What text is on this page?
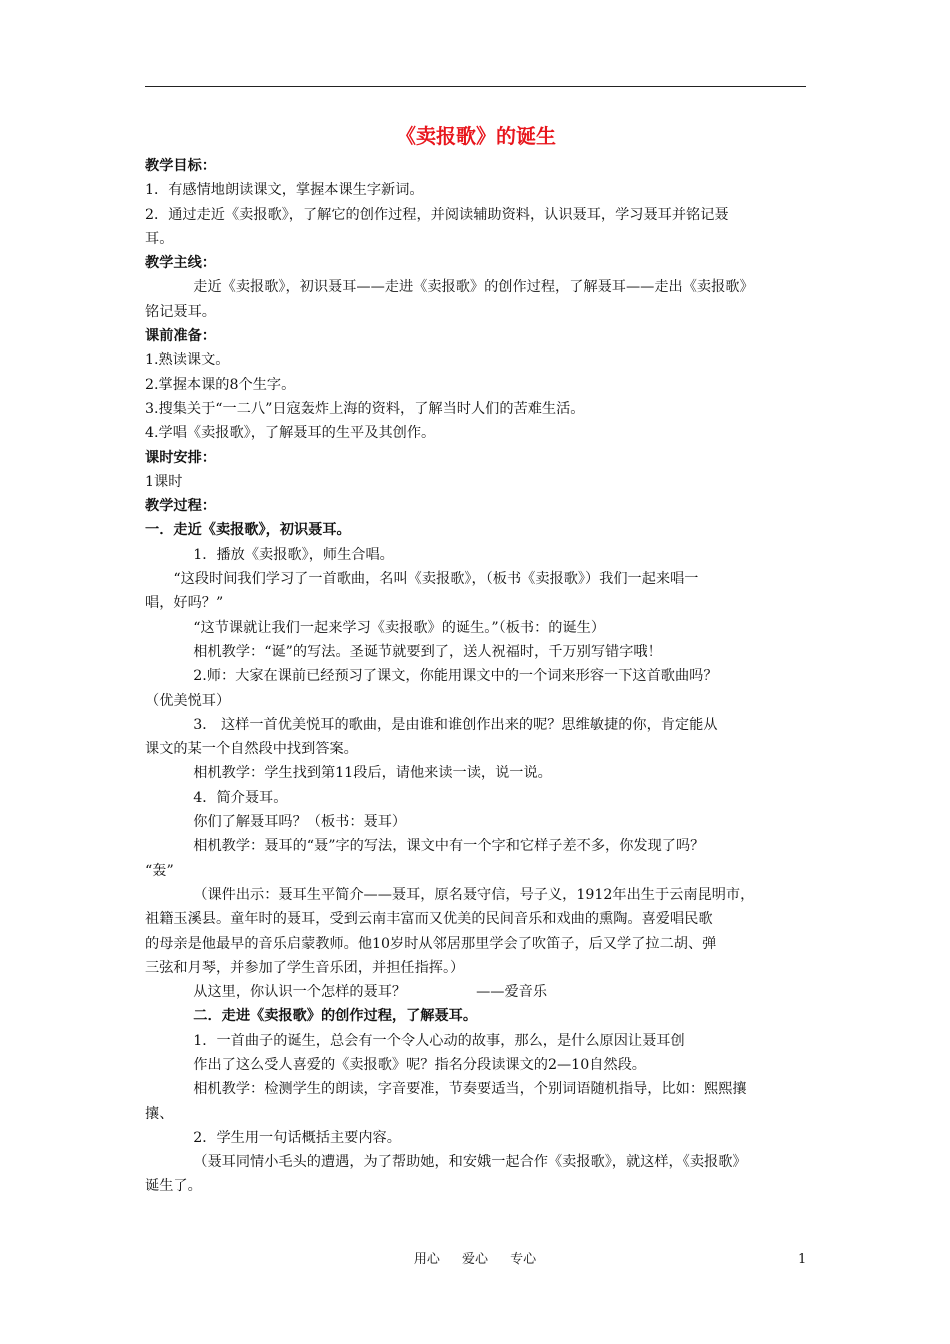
《卖报歌》的诞生
教学目标：
1．有感情地朗读课文，掌握本课生字新词。
2．通过走近《卖报歌》，了解它的创作过程，并阅读辅助资料，认识聂耳，学习聂耳并铭记聂
耳。
教学主线：
走近《卖报歌》，初识聂耳——走进《卖报歌》的创作过程，了解聂耳——走出《卖报歌》
铭记聂耳。
课前准备：
1.熟读课文。
2.掌握本课的8个生字。
3.搜集关于“一二八”日寇轰炸上海的资料，了解当时人们的苦难生活。
4.学唱《卖报歌》，了解聂耳的生平及其创作。
课时安排：
1课时
教学过程：
一．走近《卖报歌》，初识聂耳。
1．播放《卖报歌》，师生合唱。
“这段时间我们学习了一首歌曲，名叫《卖报歌》，（板书《卖报歌》）我们一起来唱一
唱，好吗？”
“这节课就让我们一起来学习《卖报歌》的诞生。”（板书：的诞生）
相机教学：“诞”的写法。圣诞节就要到了，送人祝福时，千万别写错字哦！
2.师：大家在课前已经预习了课文，你能用课文中的一个词来形容一下这首歌曲吗？
（优美悦耳）
3． 这样一首优美悦耳的歌曲，是由谁和谁创作出来的呢？思维敏捷的你，肯定能从
课文的某一个自然段中找到答案。
相机教学：学生找到第11段后，请他来读一读，说一说。
4．简介聂耳。
你们了解聂耳吗？（板书：聂耳）
相机教学：聂耳的“聂”字的写法，课文中有一个字和它样子差不多，你发现了吗？
“轰”
（课件出示：聂耳生平简介——聂耳，原名聂守信，号子义，1912年出生于云南昆明市，
祖籍玉溪县。童年时的聂耳，受到云南丰富而又优美的民间音乐和戏曲的熏陶。喜爱唱民歌
的母亲是他最早的音乐启蒙教师。他10岁时从邻居那里学会了吹笛子，后又学了拉二胡、弹
三弦和月琴，并参加了学生音乐团，并担任指挥。）
从这里，你认识一个怎样的聂耳？	——爱音乐
二．走进《卖报歌》的创作过程，了解聂耳。
1．一首曲子的诞生，总会有一个令人心动的故事，那么，是什么原因让聂耳创
作出了这么受人喜爱的《卖报歌》呢？指名分段读课文的2—10自然段。
相机教学：检测学生的朗读，字音要准，节奏要适当，个别词语随机指导，比如：熙熙攘
攘、
2．学生用一句话概括主要内容。
（聂耳同情小毛头的遭遇，为了帮助她，和安娥一起合作《卖报歌》，就这样，《卖报歌》
诞生了。
用心 爱心 专心	1
